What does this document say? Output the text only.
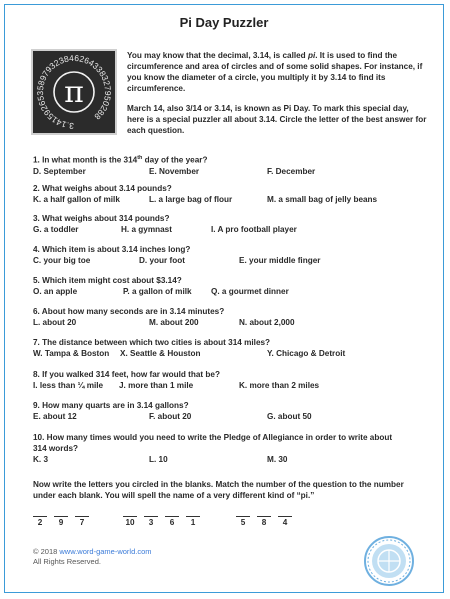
Pi Day Puzzler
3.14159265358979323846264338327950288
π

You may know that the decimal, 3.14, is called pi. It is used to find the circumference and area of circles and of some solid shapes. For instance, if you know the diameter of a circle, you multiply it by 3.14 to find its circumference.

March 14, also 3/14 or 3.14, is known as Pi Day. To mark this special day, here is a special puzzler all about 3.14. Circle the letter of the best answer for each question.

1. In what month is the 314th day of the year?
D. September	E. November	F. December
2. What weighs about 3.14 pounds?
K. a half gallon of milk	L. a large bag of flour	M. a small bag of jelly beans
3. What weighs about 314 pounds?
G. a toddler	H. a gymnast	I. A pro football player
4. Which item is about 3.14 inches long?
C. your big toe	D. your foot	E. your middle finger
5. Which item might cost about $3.14?
O. an apple	P. a gallon of milk Q. a gourmet dinner
6. About how many seconds are in 3.14 minutes?
L. about 20	M. about 200	N. about 2,000
7. The distance between which two cities is about 314 miles?
W. Tampa & Boston X. Seattle & Houston	Y. Chicago & Detroit
8. If you walked 314 feet, how far would that be?
I. less than ¼ mile J. more than 1 mile	K. more than 2 miles
9. How many quarts are in 3.14 gallons?
E. about 12	F. about 20	G. about 50
10. How many times would you need to write the Pledge of Allegiance in order to write about 314 words?
K. 3	L. 10	M. 30
Now write the letters you circled in the blanks. Match the number of the question to the number under each blank. You will spell the name of a very different kind of “pi.”
2	9	7	10	3	6	1	5	8	4
© 2018 www.word-game-world.com
All Rights Reserved.
